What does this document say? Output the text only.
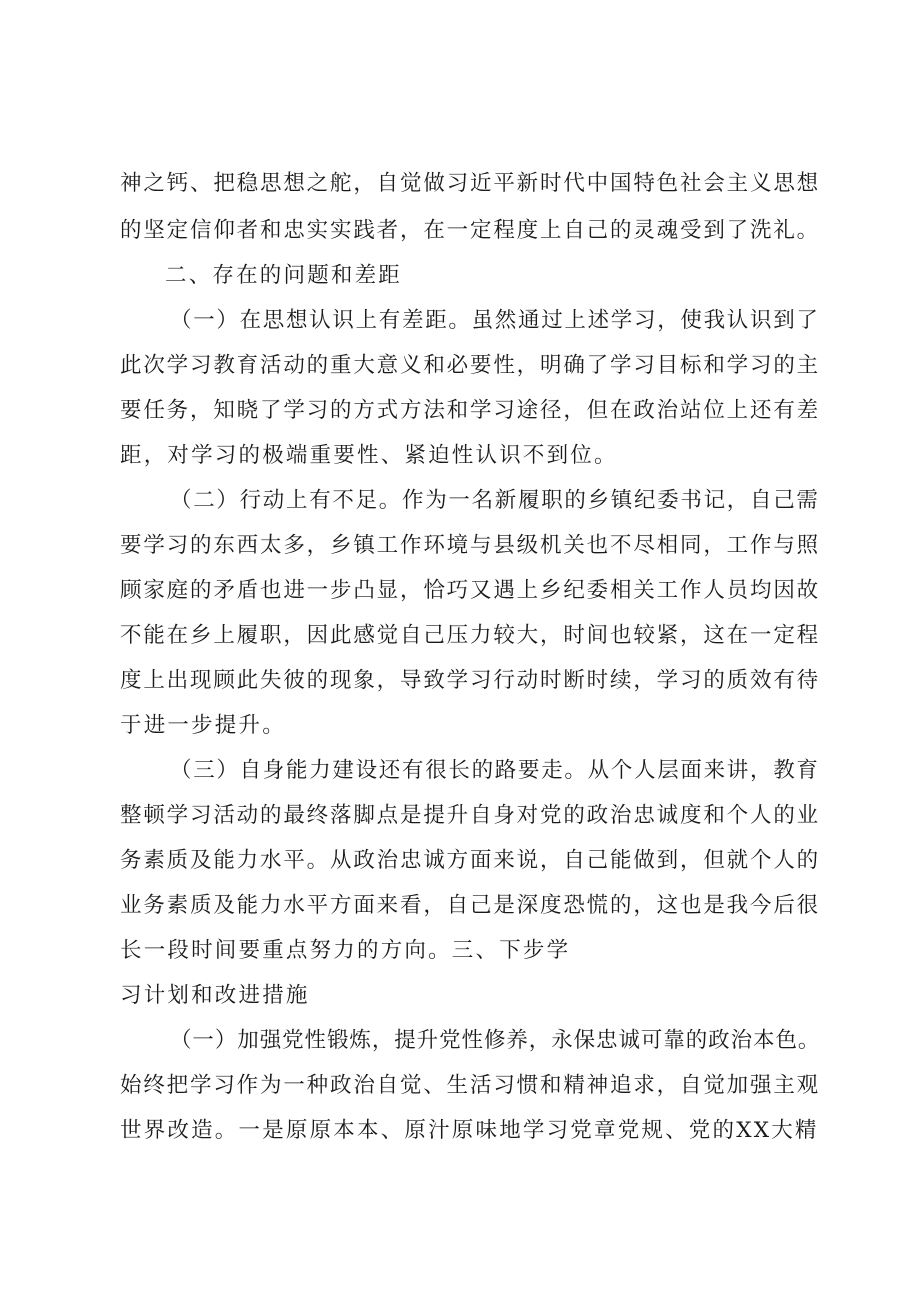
神之钙、把稳思想之舵，自觉做习近平新时代中国特色社会主义思想
的坚定信仰者和忠实实践者，在一定程度上自己的灵魂受到了洗礼。
二、存在的问题和差距
（一）在思想认识上有差距。虽然通过上述学习，使我认识到了
此次学习教育活动的重大意义和必要性，明确了学习目标和学习的主
要任务，知晓了学习的方式方法和学习途径，但在政治站位上还有差
距，对学习的极端重要性、紧迫性认识不到位。
（二）行动上有不足。作为一名新履职的乡镇纪委书记，自己需
要学习的东西太多，乡镇工作环境与县级机关也不尽相同，工作与照
顾家庭的矛盾也进一步凸显，恰巧又遇上乡纪委相关工作人员均因故
不能在乡上履职，因此感觉自己压力较大，时间也较紧，这在一定程
度上出现顾此失彼的现象，导致学习行动时断时续，学习的质效有待
于进一步提升。
（三）自身能力建设还有很长的路要走。从个人层面来讲，教育
整顿学习活动的最终落脚点是提升自身对党的政治忠诚度和个人的业
务素质及能力水平。从政治忠诚方面来说，自己能做到，但就个人的
业务素质及能力水平方面来看，自己是深度恐慌的，这也是我今后很
长一段时间要重点努力的方向。三、下步学
习计划和改进措施
（一）加强党性锻炼，提升党性修养，永保忠诚可靠的政治本色。
始终把学习作为一种政治自觉、生活习惯和精神追求，自觉加强主观
世界改造。一是原原本本、原汁原味地学习党章党规、党的XX大精
